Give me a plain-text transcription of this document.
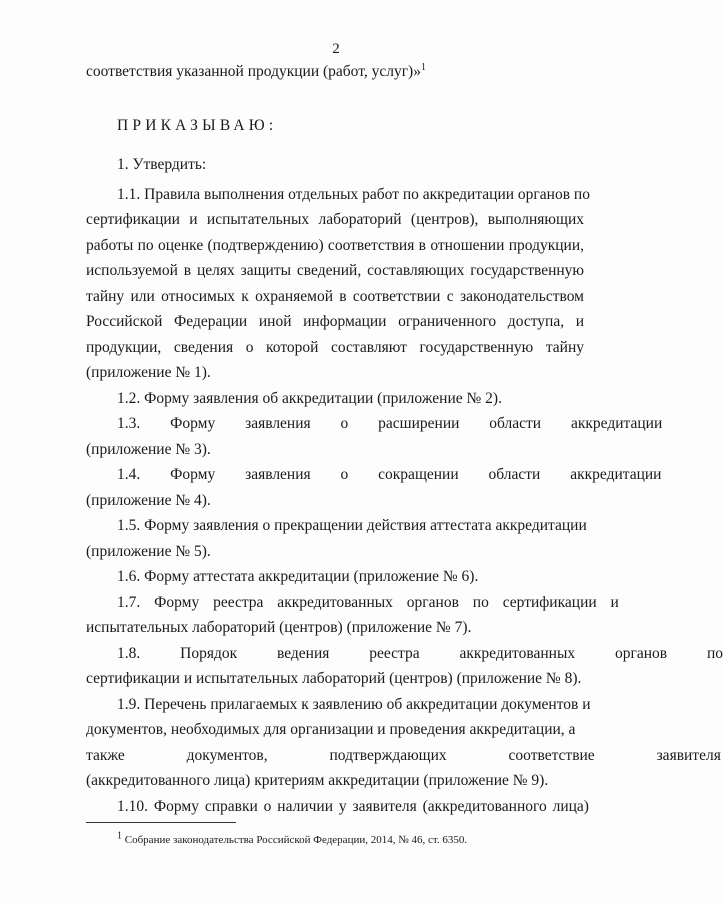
2
соответствия указанной продукции (работ, услуг)»$^1$
ПРИКАЗЫВАЮ:
1. Утвердить:
1.1. Правила выполнения отдельных работ по аккредитации органов по
сертификации и испытательных лабораторий (центров), выполняющих
работы по оценке (подтверждению) соответствия в отношении продукции,
используемой в целях защиты сведений, составляющих государственную
тайну или относимых к охраняемой в соответствии с законодательством
Российской Федерации иной информации ограниченного доступа, и
продукции, сведения о которой составляют государственную тайну
(приложение № 1).
1.2. Форму заявления об аккредитации (приложение № 2).
1.3. Форму заявления о расширении области аккредитации
(приложение № 3).
1.4. Форму заявления о сокращении области аккредитации
(приложение № 4).
1.5. Форму заявления о прекращении действия аттестата аккредитации
(приложение № 5).
1.6. Форму аттестата аккредитации (приложение № 6).
1.7. Форму реестра аккредитованных органов по сертификации и
испытательных лабораторий (центров) (приложение № 7).
1.8. Порядок ведения реестра аккредитованных органов по
сертификации и испытательных лабораторий (центров) (приложение № 8).
1.9. Перечень прилагаемых к заявлению об аккредитации документов и
документов, необходимых для организации и проведения аккредитации, а
также документов, подтверждающих соответствие заявителя
(аккредитованного лица) критериям аккредитации (приложение № 9).
1.10. Форму справки о наличии у заявителя (аккредитованного лица)
1 Собрание законодательства Российской Федерации, 2014, № 46, ст. 6350.
